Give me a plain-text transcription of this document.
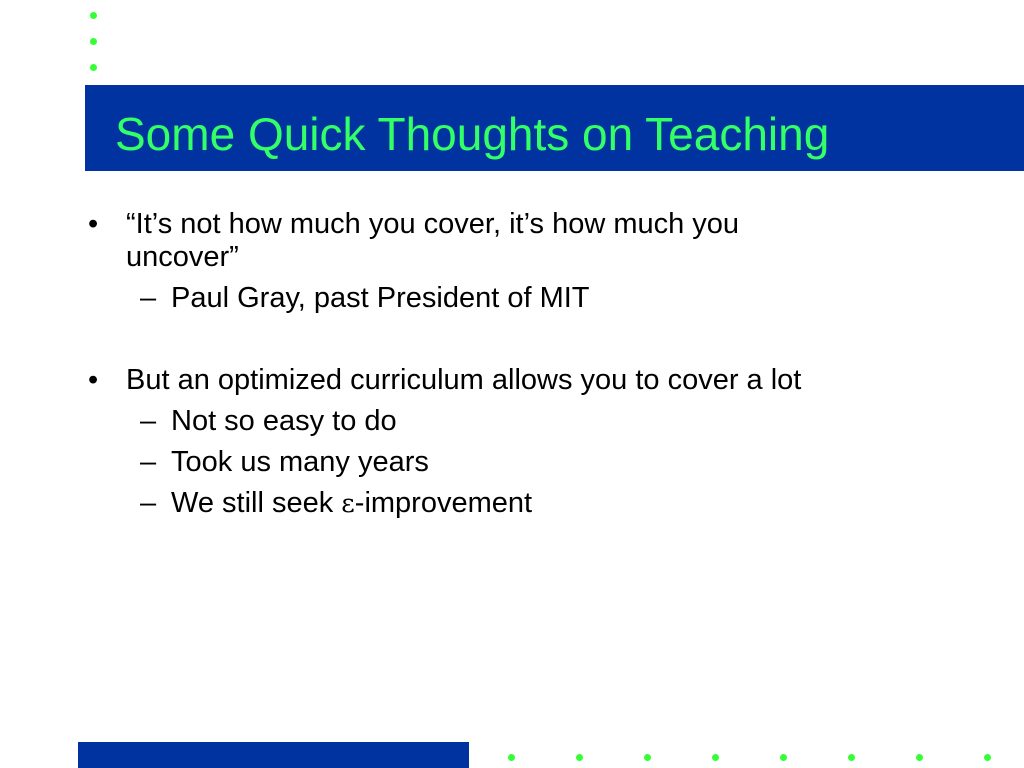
Some Quick Thoughts on Teaching
• “It’s not how much you cover, it’s how much you
uncover”
– Paul Gray, past President of MIT
• But an optimized curriculum allows you to cover a lot
– Not so easy to do
– Took us many years
– We still seek ε-improvement
